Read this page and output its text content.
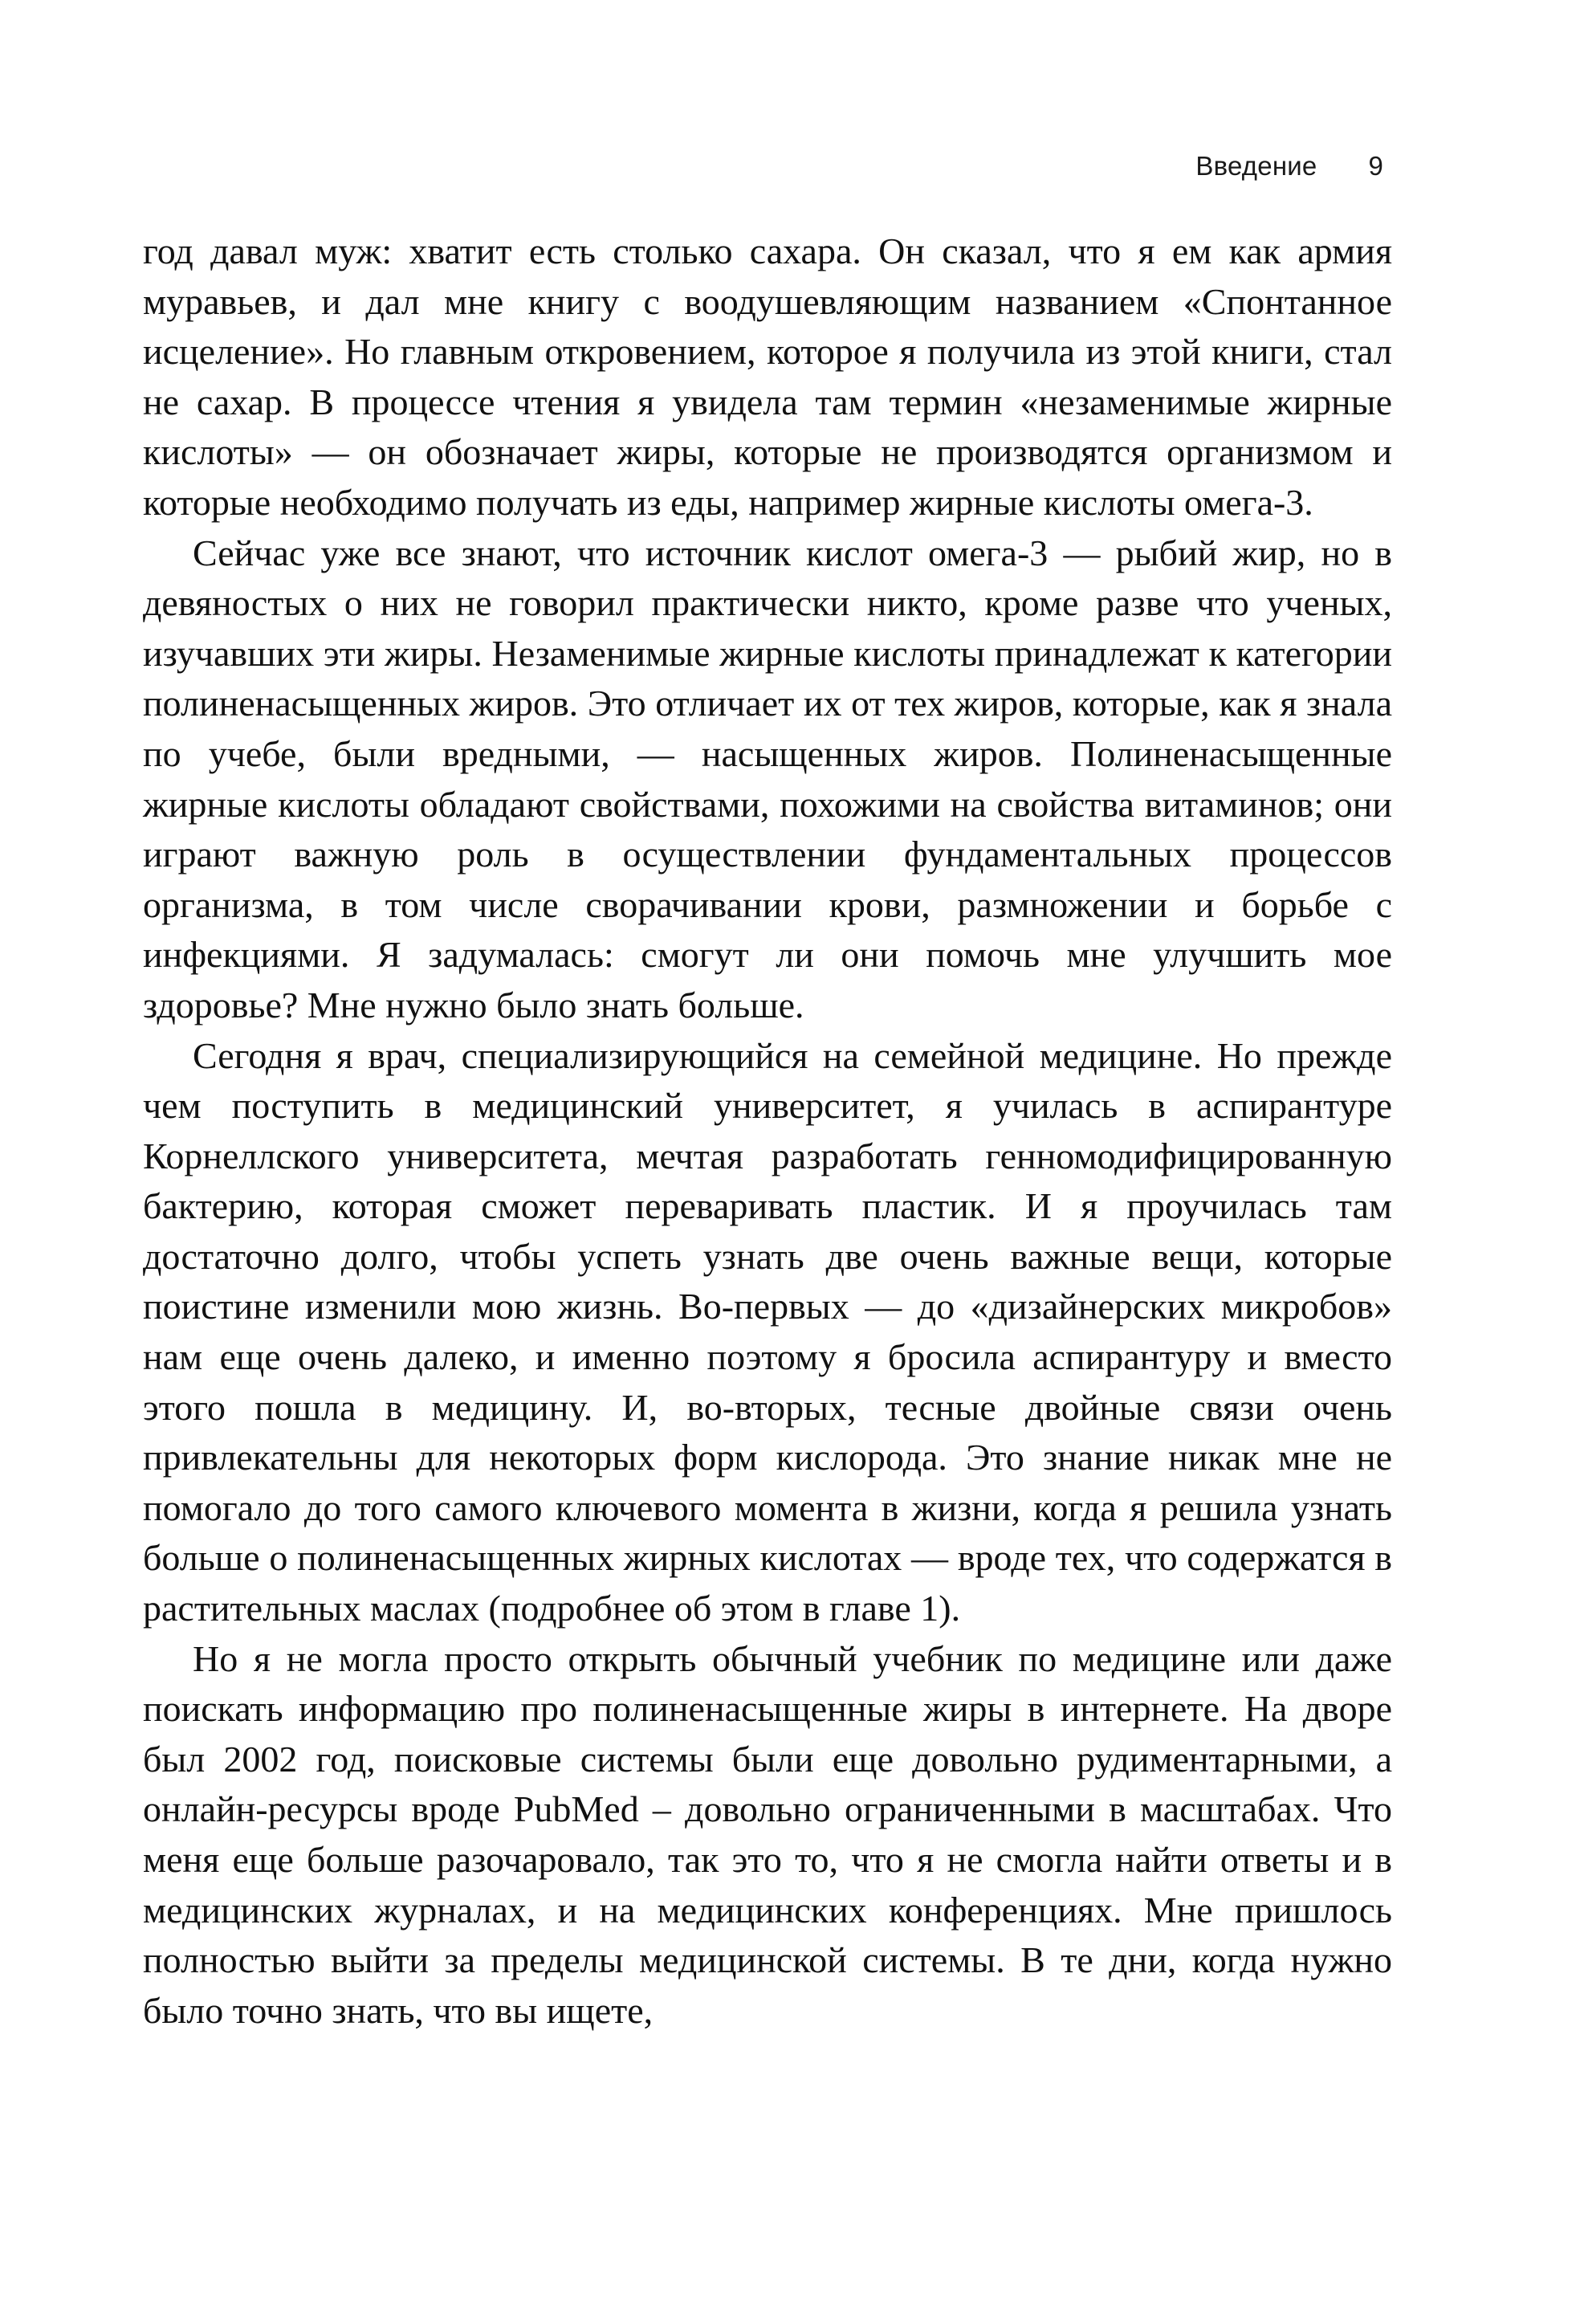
Введение 9

год давал муж: хватит есть столько сахара. Он сказал, что я ем как армия муравьев, и дал мне книгу с воодушевляющим названием «Спонтанное исцеление». Но главным откровением, которое я получила из этой книги, стал не сахар. В процессе чтения я увидела там термин «незаменимые жирные кислоты» — он обозначает жиры, которые не производятся организмом и которые необходимо получать из еды, например жирные кислоты омега-3.

Сейчас уже все знают, что источник кислот омега-3 — рыбий жир, но в девяностых о них не говорил практически никто, кроме разве что ученых, изучавших эти жиры. Незаменимые жирные кислоты принадлежат к категории полиненасыщенных жиров. Это отличает их от тех жиров, которые, как я знала по учебе, были вредными, — насыщенных жиров. Полиненасыщенные жирные кислоты обладают свойствами, похожими на свойства витаминов; они играют важную роль в осуществлении фундаментальных процессов организма, в том числе сворачивании крови, размножении и борьбе с инфекциями. Я задумалась: смогут ли они помочь мне улучшить мое здоровье? Мне нужно было знать больше.

Сегодня я врач, специализирующийся на семейной медицине. Но прежде чем поступить в медицинский университет, я училась в аспирантуре Корнеллского университета, мечтая разработать генномодифицированную бактерию, которая сможет переваривать пластик. И я проучилась там достаточно долго, чтобы успеть узнать две очень важные вещи, которые поистине изменили мою жизнь. Во-первых — до «дизайнерских микробов» нам еще очень далеко, и именно поэтому я бросила аспирантуру и вместо этого пошла в медицину. И, во-вторых, тесные двойные связи очень привлекательны для некоторых форм кислорода. Это знание никак мне не помогало до того самого ключевого момента в жизни, когда я решила узнать больше о полиненасыщенных жирных кислотах — вроде тех, что содержатся в растительных маслах (подробнее об этом в главе 1).

Но я не могла просто открыть обычный учебник по медицине или даже поискать информацию про полиненасыщенные жиры в интернете. На дворе был 2002 год, поисковые системы были еще довольно рудиментарными, а онлайн-ресурсы вроде PubMed – довольно ограниченными в масштабах. Что меня еще больше разочаровало, так это то, что я не смогла найти ответы и в медицинских журналах, и на медицинских конференциях. Мне пришлось полностью выйти за пределы медицинской системы. В те дни, когда нужно было точно знать, что вы ищете,
